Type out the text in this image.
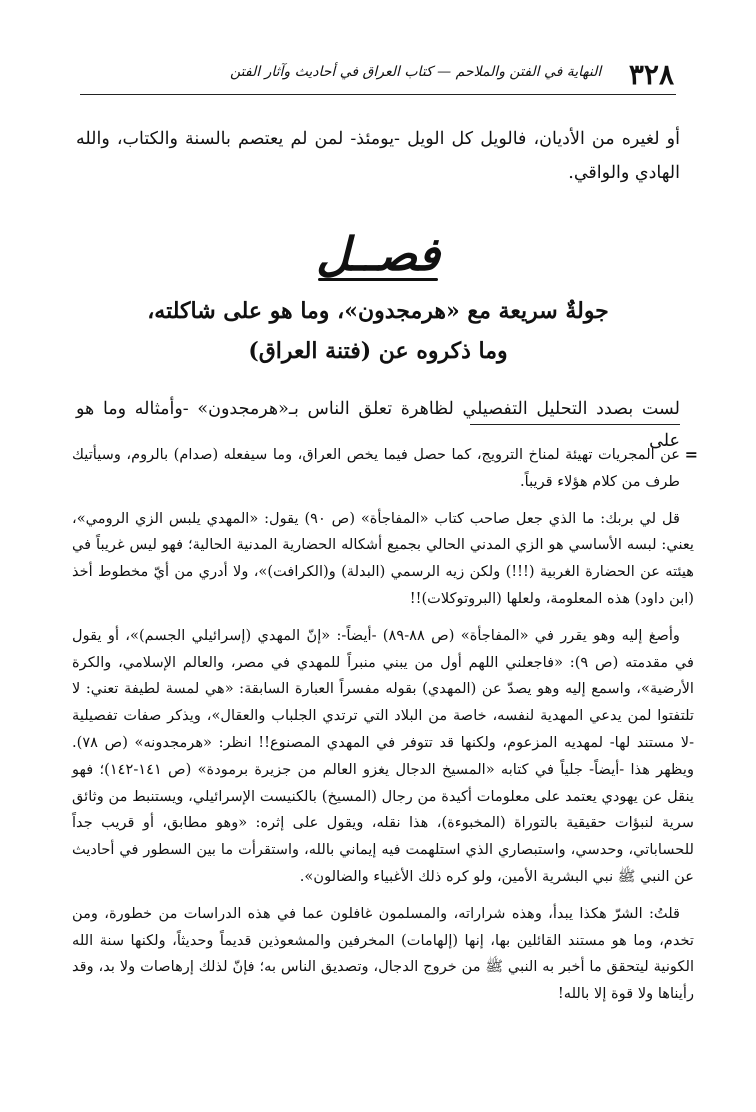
٣٢٨
النهاية في الفتن والملاحم — كتاب العراق في أحاديث وآثار الفتن

أو لغيره من الأديان، فالويل كل الويل -يومئذ- لمن لم يعتصم بالسنة والكتاب، والله الهادي والواقي.

فصــل
جولةٌ سريعة مع «هرمجدون»، وما هو على شاكلته،
وما ذكروه عن (فتنة العراق)

لست بصدد التحليل التفصيلي لظاهرة تعلق الناس بـ«هرمجدون» -وأمثاله وما هو على

=
عن المجريات تهيئة لمناخ الترويج، كما حصل فيما يخص العراق، وما سيفعله (صدام) بالروم، وسيأتيك طرف من كلام هؤلاء قريباً.

قل لي بربك: ما الذي جعل صاحب كتاب «المفاجأة» (ص ٩٠) يقول: «المهدي يلبس الزي الرومي»، يعني: لبسه الأساسي هو الزي المدني الحالي بجميع أشكاله الحضارية المدنية الحالية؛ فهو ليس غريباً في هيئته عن الحضارة الغربية (!!!) ولكن زيه الرسمي (البدلة) و(الكرافت)»، ولا أدري من أيّ مخطوط أخذ (ابن داود) هذه المعلومة، ولعلها (البروتوكلات)!!

وأصغ إليه وهو يقرر في «المفاجأة» (ص ٨٨-٨٩) -أيضاً-: «إنّ المهدي (إسرائيلي الجسم)»، أو يقول في مقدمته (ص ٩): «فاجعلني اللهم أول من يبني منبراً للمهدي في مصر، والعالم الإسلامي، والكرة الأرضية»، واسمع إليه وهو يصدّ عن (المهدي) بقوله مفسراً العبارة السابقة: «هي لمسة لطيفة تعني: لا تلتفتوا لمن يدعي المهدية لنفسه، خاصة من البلاد التي ترتدي الجلباب والعقال»، ويذكر صفات تفصيلية -لا مستند لها- لمهديه المزعوم، ولكنها قد تتوفر في المهدي المصنوع!! انظر: «هرمجدونه» (ص ٧٨). ويظهر هذا -أيضاً- جلياً في كتابه «المسيخ الدجال يغزو العالم من جزيرة برمودة» (ص ١٤١-١٤٢)؛ فهو ينقل عن يهودي يعتمد على معلومات أكيدة من رجال (المسيخ) بالكنيست الإسرائيلي، ويستنبط من وثائق سرية لنبؤات حقيقية بالتوراة (المخبوءة)، هذا نقله، ويقول على إثره: «وهو مطابق، أو قريب جداً للحساباتي، وحدسي، واستبصاري الذي استلهمت فيه إيماني بالله، واستقرأت ما بين السطور في أحاديث عن النبي ﷺ نبي البشرية الأمين، ولو كره ذلك الأغبياء والضالون».

قلتُ: الشرّ هكذا يبدأ، وهذه شراراته، والمسلمون غافلون عما في هذه الدراسات من خطورة، ومن تخدم، وما هو مستند القائلين بها، إنها (إلهامات) المخرفين والمشعوذين قديماً وحديثاً، ولكنها سنة الله الكونية ليتحقق ما أخبر به النبي ﷺ من خروج الدجال، وتصديق الناس به؛ فإنّ لذلك إرهاصات ولا بد، وقد رأيناها ولا قوة إلا بالله!
